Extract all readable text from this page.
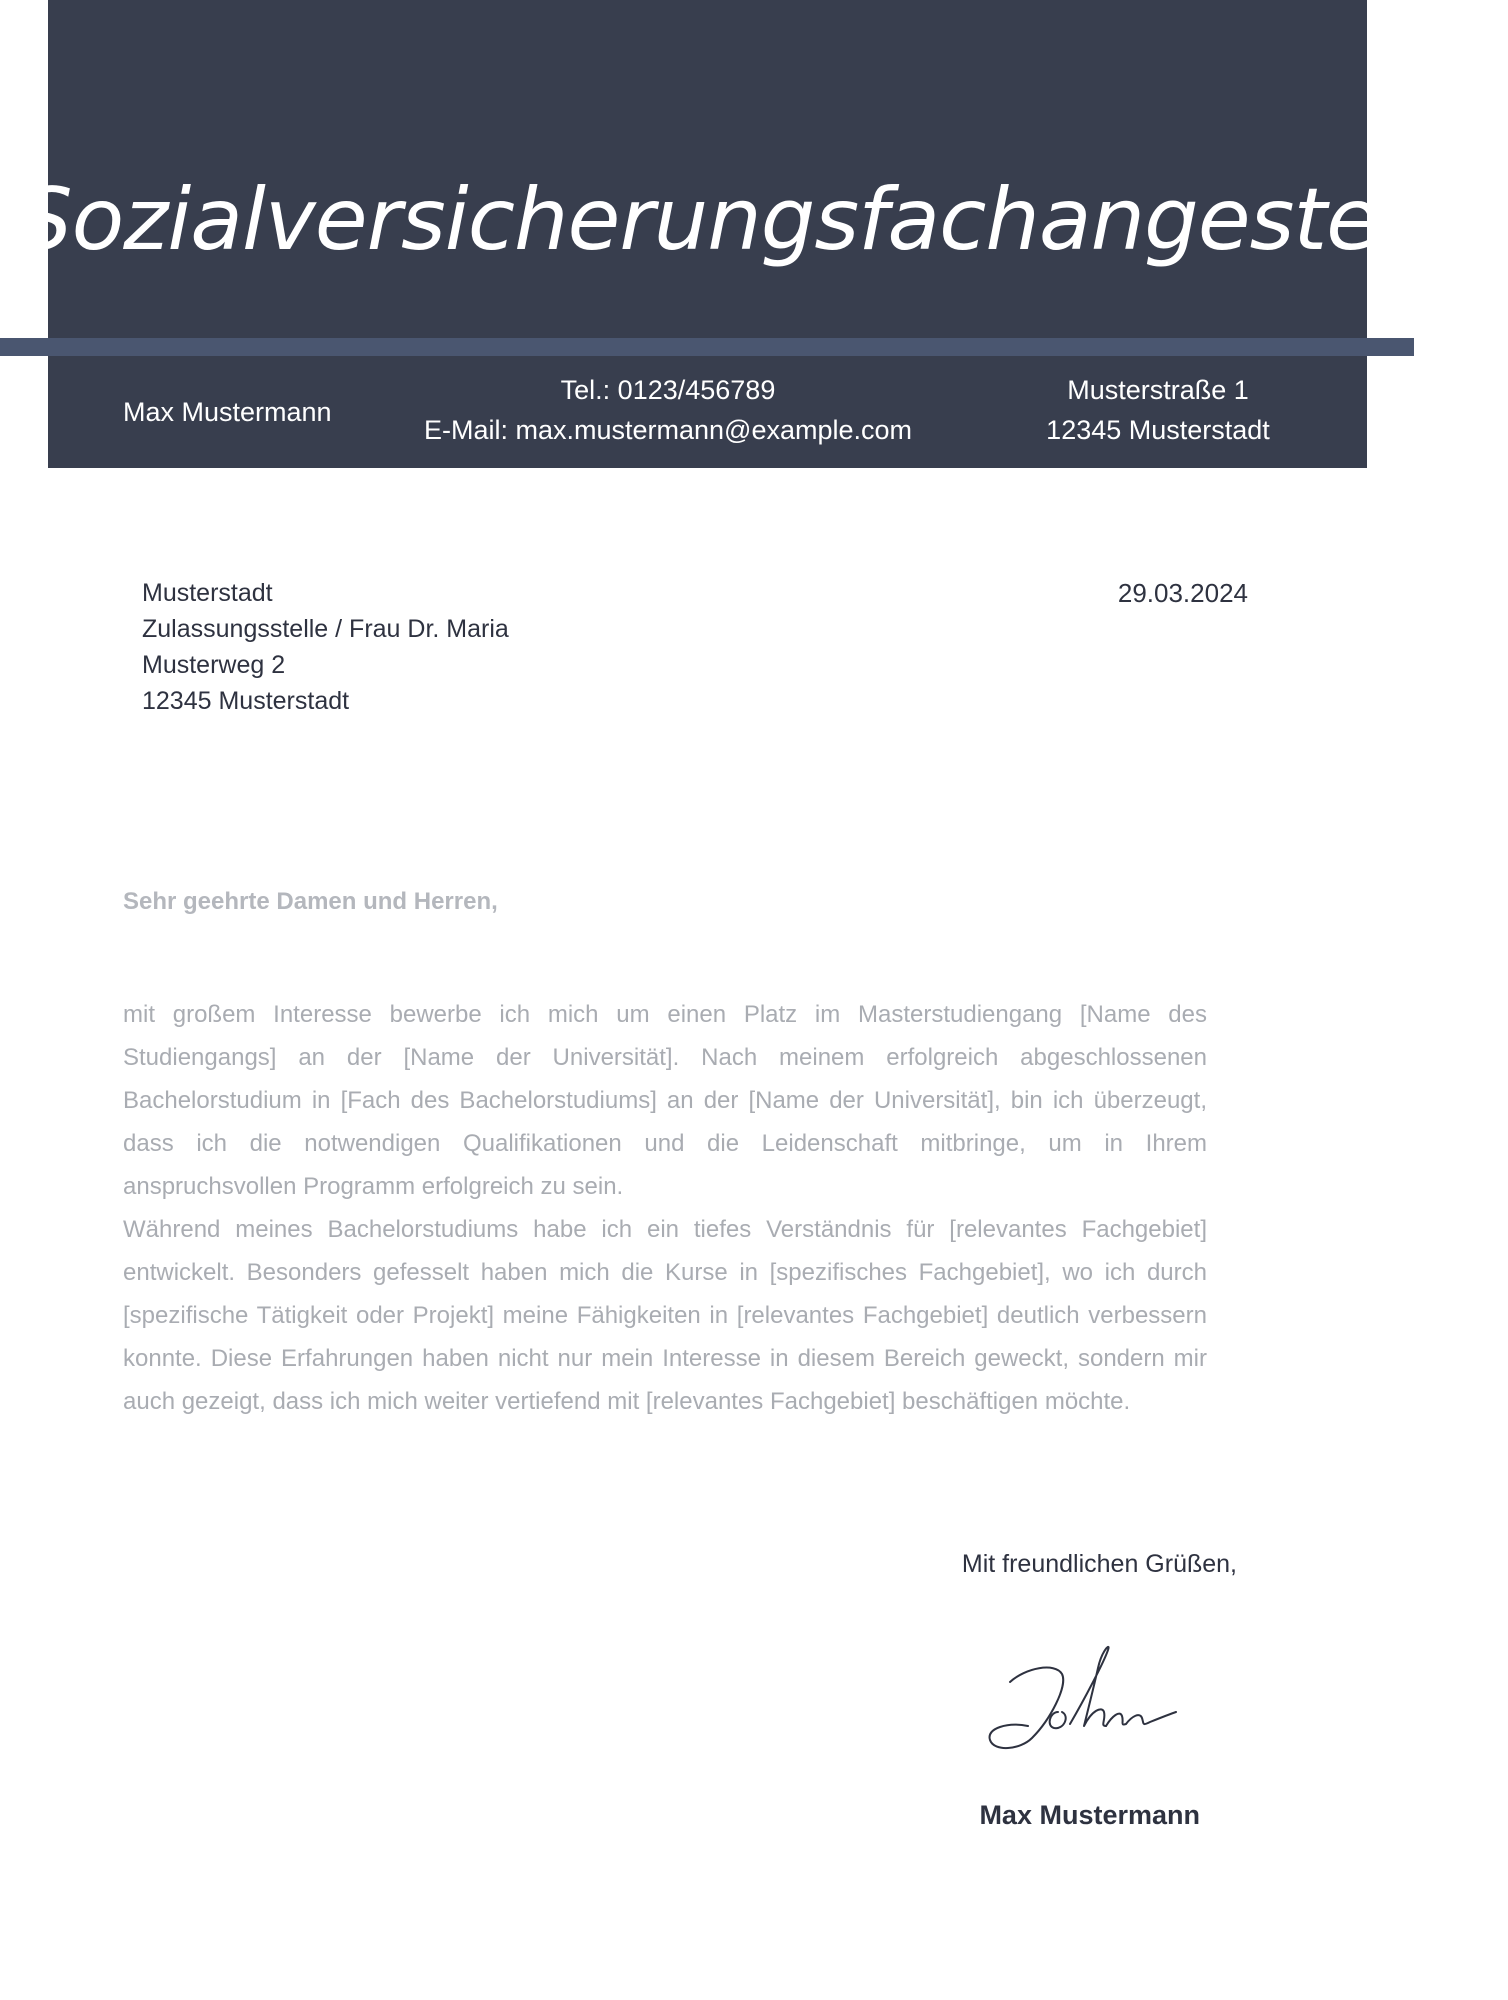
Sozialversicherungsfachangestellte
Max Mustermann
Tel.: 0123/456789
E-Mail: max.mustermann@example.com
Musterstraße 1
12345 Musterstadt
Musterstadt
Zulassungsstelle / Frau Dr. Maria
Musterweg 2
12345 Musterstadt
29.03.2024
Sehr geehrte Damen und Herren,

mit großem Interesse bewerbe ich mich um einen Platz im Masterstudiengang [Name des Studiengangs] an der [Name der Universität]. Nach meinem erfolgreich abgeschlossenen Bachelorstudium in [Fach des Bachelorstudiums] an der [Name der Universität], bin ich überzeugt, dass ich die notwendigen Qualifikationen und die Leidenschaft mitbringe, um in Ihrem anspruchsvollen Programm erfolgreich zu sein.

Während meines Bachelorstudiums habe ich ein tiefes Verständnis für [relevantes Fachgebiet] entwickelt. Besonders gefesselt haben mich die Kurse in [spezifisches Fachgebiet], wo ich durch [spezifische Tätigkeit oder Projekt] meine Fähigkeiten in [relevantes Fachgebiet] deutlich verbessern konnte. Diese Erfahrungen haben nicht nur mein Interesse in diesem Bereich geweckt, sondern mir auch gezeigt, dass ich mich weiter vertiefend mit [relevantes Fachgebiet] beschäftigen möchte.

Mit freundlichen Grüßen,
Max Mustermann
